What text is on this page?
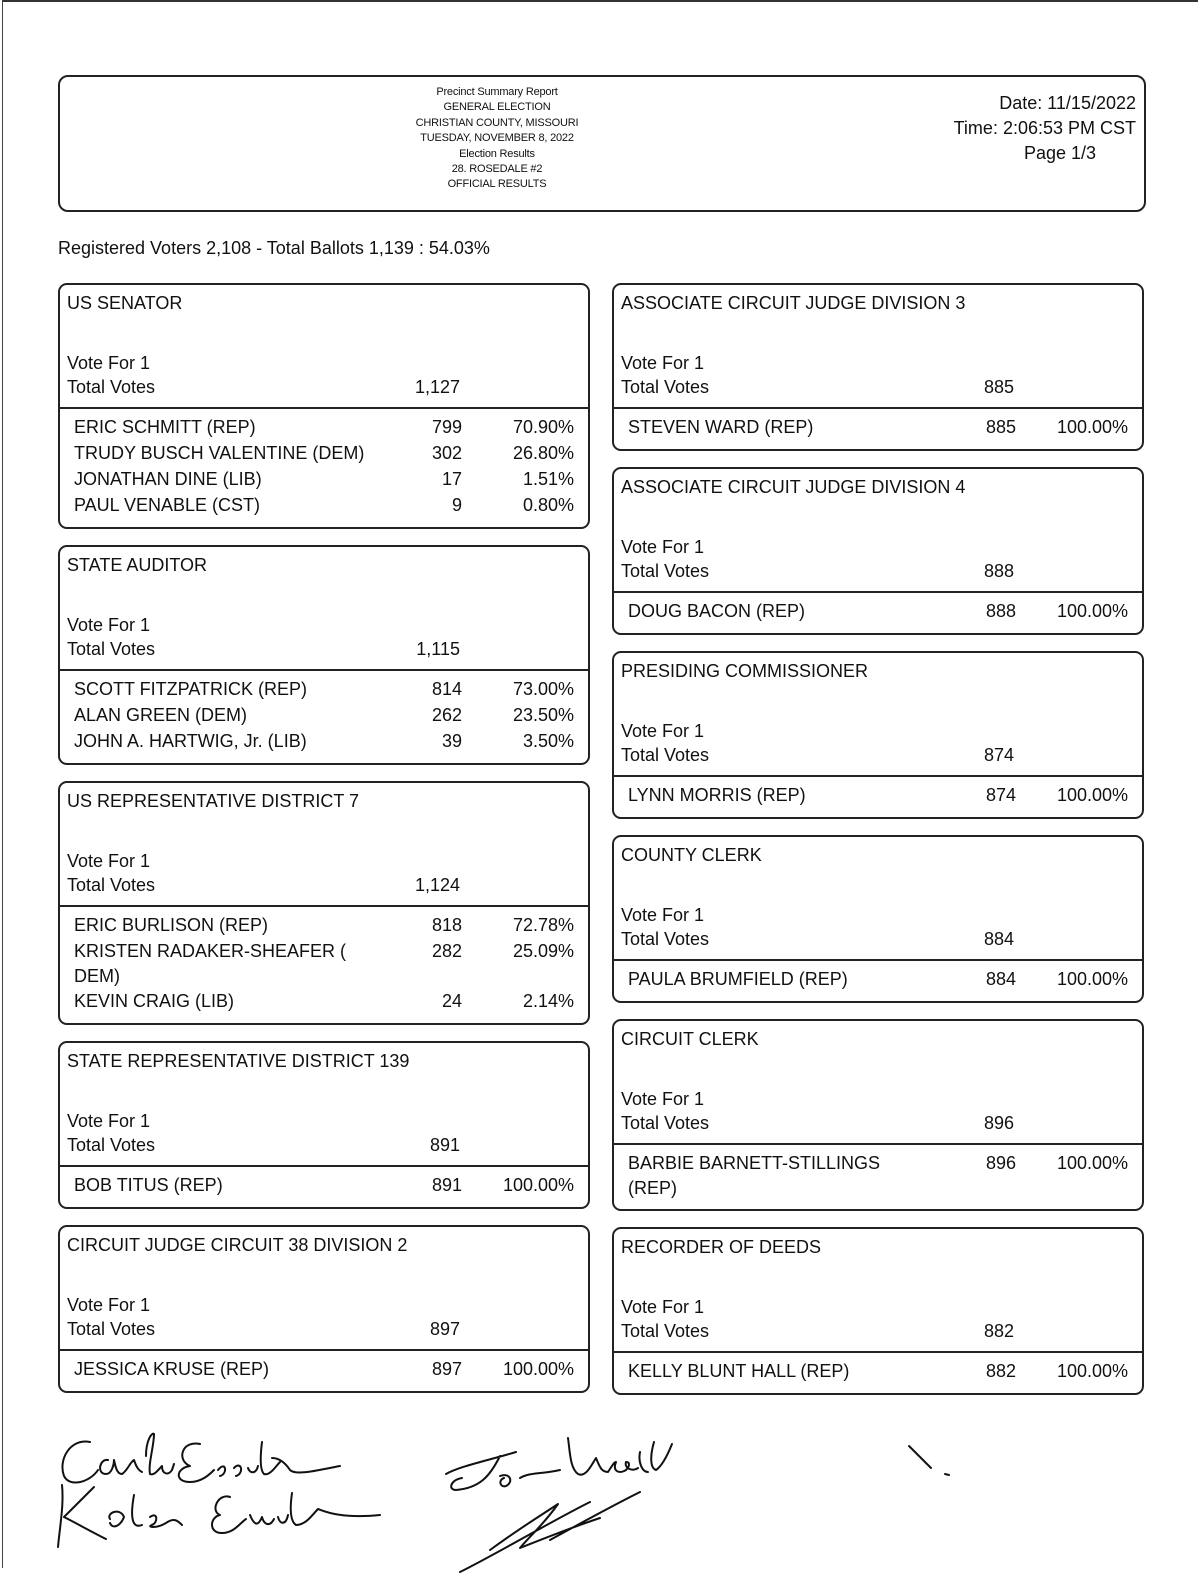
Precinct Summary Report
GENERAL ELECTION
CHRISTIAN COUNTY, MISSOURI
TUESDAY, NOVEMBER 8, 2022
Election Results
28. ROSEDALE #2
OFFICIAL RESULTS
Date: 11/15/2022
Time: 2:06:53 PM CST
Page 1/3
Registered Voters 2,108 - Total Ballots 1,139 : 54.03%
US SENATOR
Vote For 1
Total Votes	1,127
ERIC SCHMITT (REP)	799	70.90%
TRUDY BUSCH VALENTINE (DEM)	302	26.80%
JONATHAN DINE (LIB)	17	1.51%
PAUL VENABLE (CST)	9	0.80%
STATE AUDITOR
Vote For 1
Total Votes	1,115
SCOTT FITZPATRICK (REP)	814	73.00%
ALAN GREEN (DEM)	262	23.50%
JOHN A. HARTWIG, Jr. (LIB)	39	3.50%
US REPRESENTATIVE DISTRICT 7
Vote For 1
Total Votes	1,124
ERIC BURLISON (REP)	818	72.78%
KRISTEN RADAKER-SHEAFER ( DEM)
282	25.09%
KEVIN CRAIG (LIB)	24	2.14%
STATE REPRESENTATIVE DISTRICT 139
Vote For 1
Total Votes	891
BOB TITUS (REP)	891 100.00%
CIRCUIT JUDGE CIRCUIT 38 DIVISION 2
Vote For 1
Total Votes	897
JESSICA KRUSE (REP)	897 100.00%
ASSOCIATE CIRCUIT JUDGE DIVISION 3
Vote For 1
Total Votes	885
STEVEN WARD (REP)	885 100.00%
ASSOCIATE CIRCUIT JUDGE DIVISION 4
Vote For 1
Total Votes	888
DOUG BACON (REP)	888 100.00%
PRESIDING COMMISSIONER
Vote For 1
Total Votes	874
LYNN MORRIS (REP)	874 100.00%
COUNTY CLERK
Vote For 1
Total Votes	884
PAULA BRUMFIELD (REP)	884 100.00%
CIRCUIT CLERK
Vote For 1
Total Votes	896
BARBIE BARNETT-STILLINGS (REP)
896 100.00%
RECORDER OF DEEDS
Vote For 1
Total Votes	882
KELLY BLUNT HALL (REP)	882 100.00%
